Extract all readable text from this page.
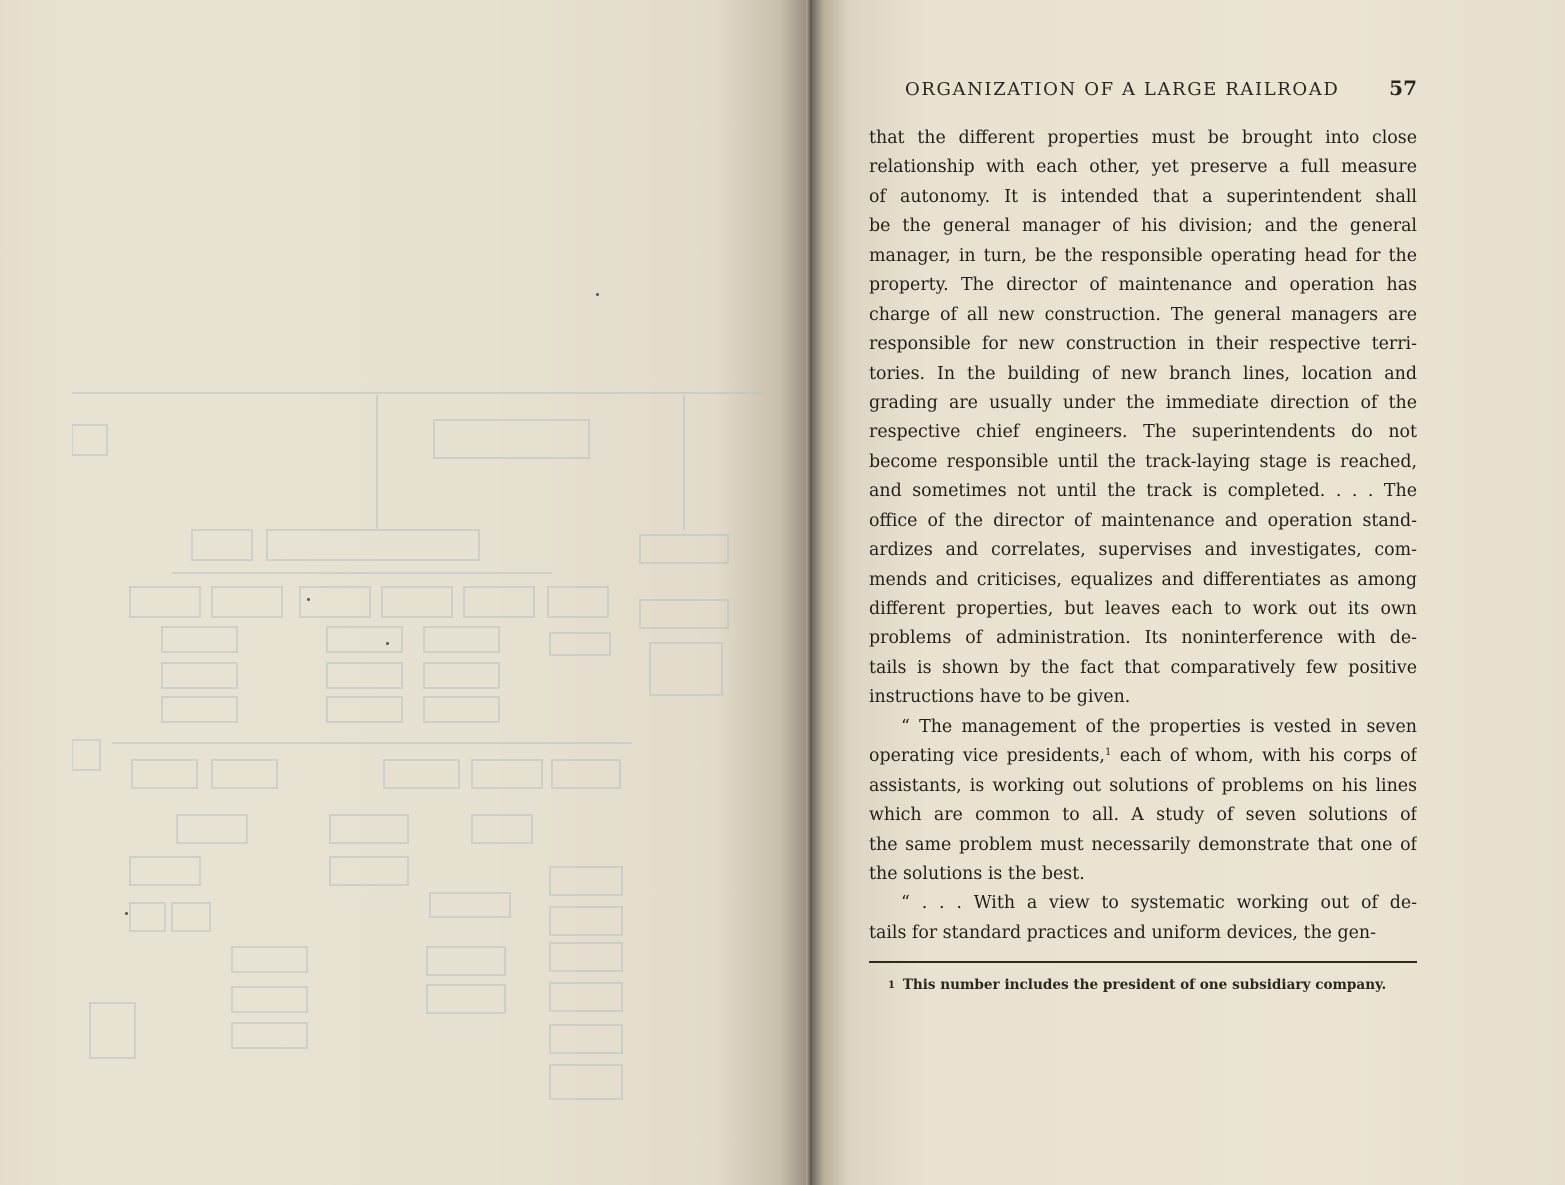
ORGANIZATION OF A LARGE RAILROAD 57
that the different properties must be brought into close
relationship with each other, yet preserve a full measure
of autonomy. It is intended that a superintendent shall
be the general manager of his division; and the general
manager, in turn, be the responsible operating head for the
property. The director of maintenance and operation has
charge of all new construction. The general managers are
responsible for new construction in their respective terri-
tories. In the building of new branch lines, location and
grading are usually under the immediate direction of the
respective chief engineers. The superintendents do not
become responsible until the track-laying stage is reached,
and sometimes not until the track is completed. . . . The
office of the director of maintenance and operation stand-
ardizes and correlates, supervises and investigates, com-
mends and criticises, equalizes and differentiates as among
different properties, but leaves each to work out its own
problems of administration. Its noninterference with de-
tails is shown by the fact that comparatively few positive
instructions have to be given.
“ The management of the properties is vested in seven
operating vice presidents,$^1$ each of whom, with his corps of
assistants, is working out solutions of problems on his lines
which are common to all. A study of seven solutions of
the same problem must necessarily demonstrate that one of
the solutions is the best.
“ . . . With a view to systematic working out of de-
tails for standard practices and uniform devices, the gen-
1 This number includes the president of one subsidiary company.
